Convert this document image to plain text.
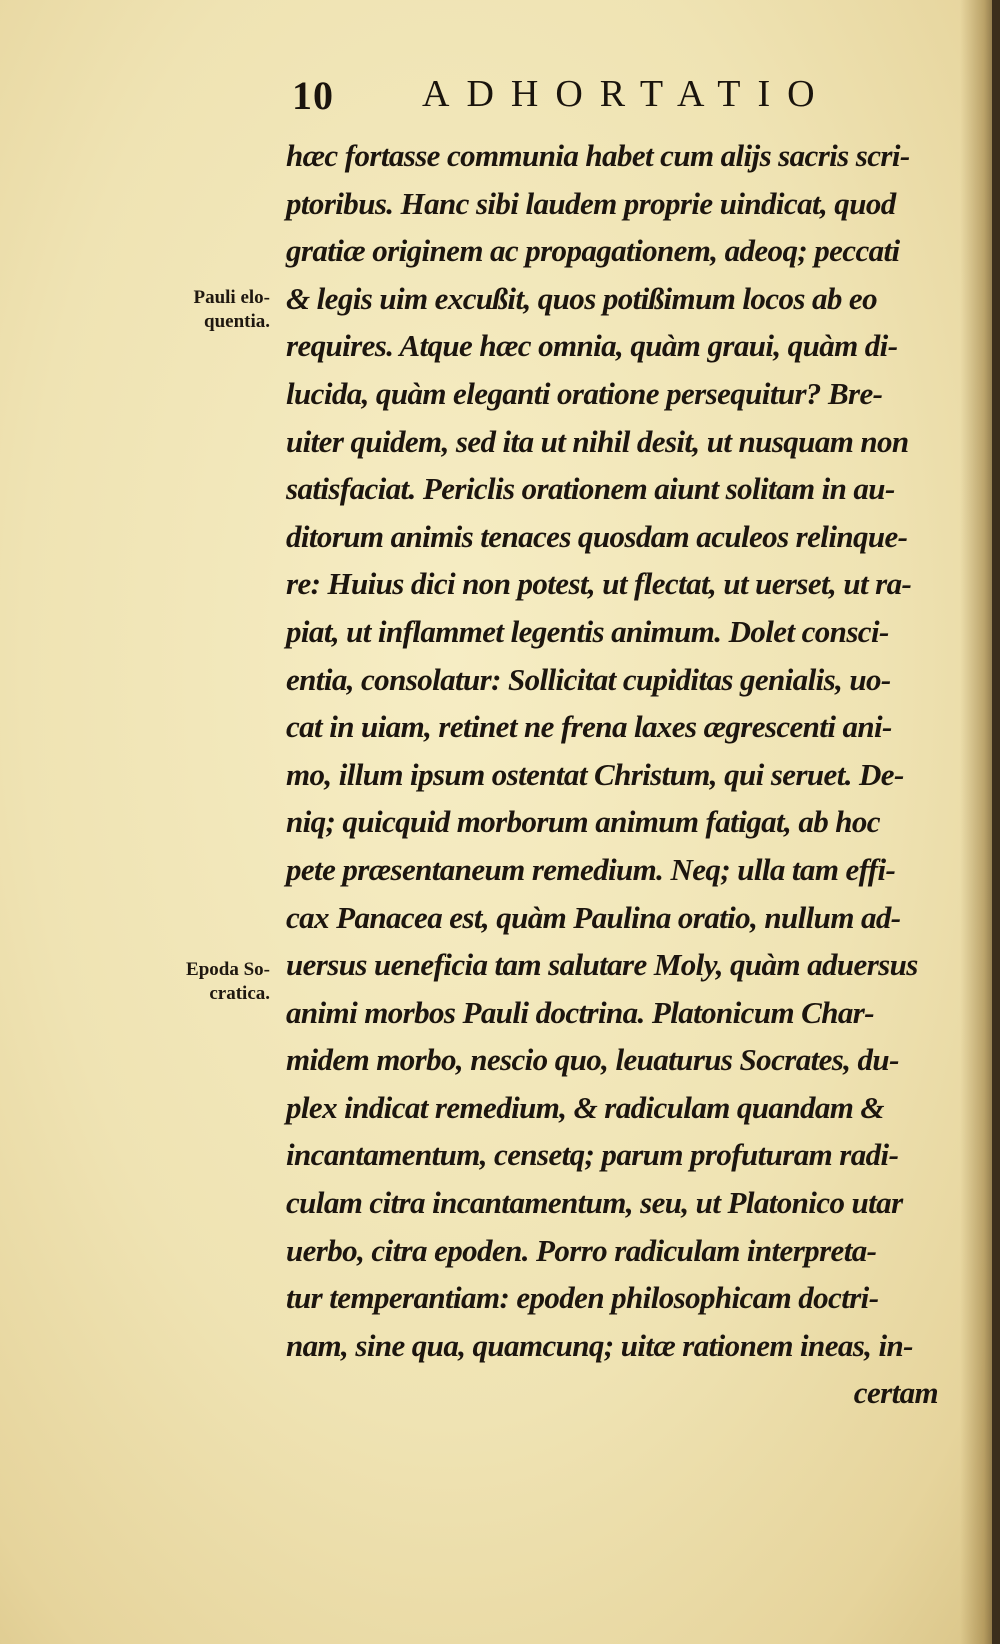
10 ADHORTATIO
Pauli elo-
quentia.
Epoda So-
cratica.
hæc fortasse communia habet cum alijs sacris scri-
ptoribus. Hanc sibi laudem proprie uindicat, quod
gratiæ originem ac propagationem, adeoq; peccati
& legis uim excußit, quos potißimum locos ab eo
requires. Atque hæc omnia, quàm graui, quàm di-
lucida, quàm eleganti oratione persequitur? Bre-
uiter quidem, sed ita ut nihil desit, ut nusquam non
satisfaciat. Periclis orationem aiunt solitam in au-
ditorum animis tenaces quosdam aculeos relinque-
re: Huius dici non potest, ut flectat, ut uerset, ut ra-
piat, ut inflammet legentis animum. Dolet consci-
entia, consolatur: Sollicitat cupiditas genialis, uo-
cat in uiam, retinet ne frena laxes ægrescenti ani-
mo, illum ipsum ostentat Christum, qui seruet. De-
niq; quicquid morborum animum fatigat, ab hoc
pete præsentaneum remedium. Neq; ulla tam effi-
cax Panacea est, quàm Paulina oratio, nullum ad-
uersus ueneficia tam salutare Moly, quàm aduersus
animi morbos Pauli doctrina. Platonicum Char-
midem morbo, nescio quo, leuaturus Socrates, du-
plex indicat remedium, & radiculam quandam &
incantamentum, censetq; parum profuturam radi-
culam citra incantamentum, seu, ut Platonico utar
uerbo, citra epoden. Porro radiculam interpreta-
tur temperantiam: epoden philosophicam doctri-
nam, sine qua, quamcunq; uitæ rationem ineas, in-
certam
